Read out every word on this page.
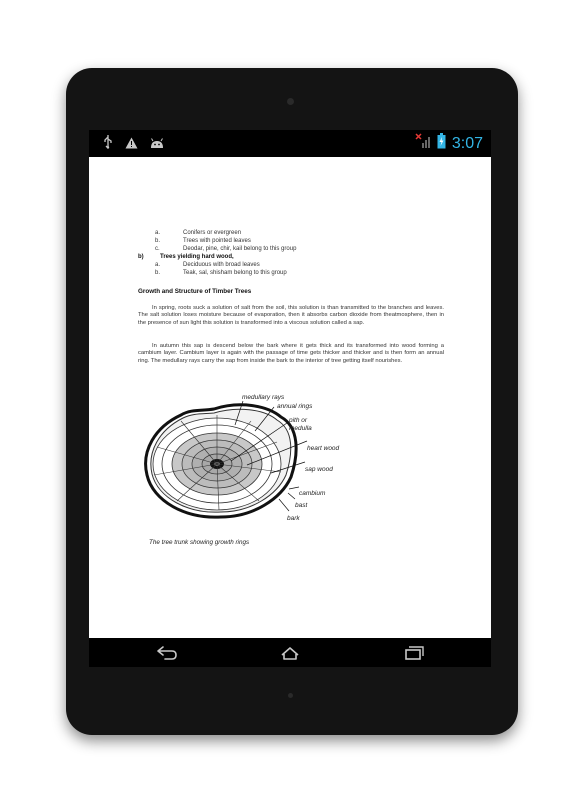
3:07
a.	Conifers or evergreen
b.	Trees with pointed leaves
c.	Deodar, pine, chir, kail belong to this group
b)	Trees yielding hard wood,
a.	Deciduous with broad leaves
b.	Teak, sal, shisham belong to this group
Growth and Structure of Timber Trees
In spring, roots suck a solution of salt from the soil, this solution is than transmitted to the branches and leaves. The salt solution loses moisture because of evaporation, then it absorbs carbon dioxide from theatmosphere, then in the presence of sun light this solution is transformed into a viscous solution called a sap.
In autumn this sap is descend below the bark where it gets thick and its transformed into wood forming a cambium layer. Cambium layer is again with the passage of time gets thicker and thicker and is then form an annual ring. The medullary rays carry the sap from inside the bark to the interior of tree getting itself nourishes.
medullary rays
annual rings
pith or
medulla
heart wood
sap wood
cambium
bast
bark
The tree trunk showing growth rings
